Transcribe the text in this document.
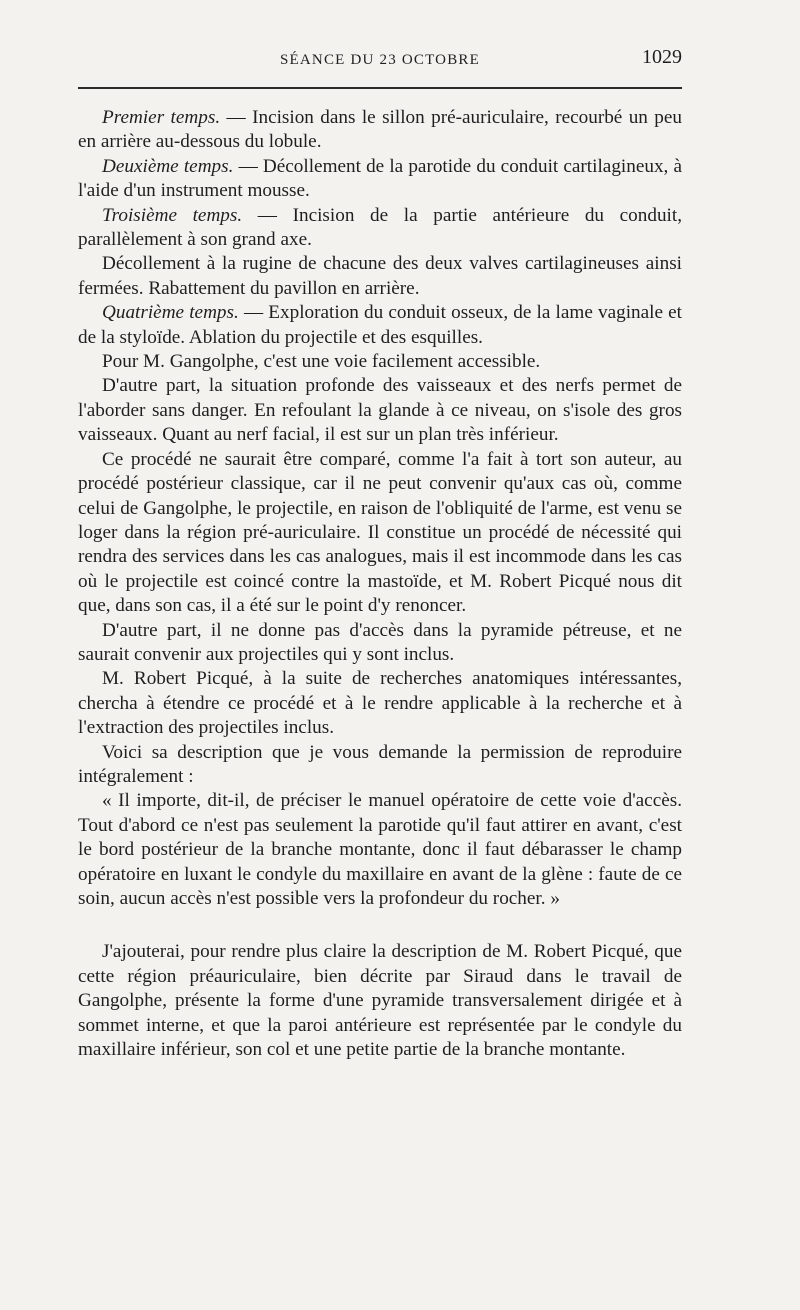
SÉANCE DU 23 OCTOBRE	1029

Premier temps. — Incision dans le sillon pré-auriculaire, recourbé un peu en arrière au-dessous du lobule.

Deuxième temps. — Décollement de la parotide du conduit cartilagineux, à l'aide d'un instrument mousse.

Troisième temps. — Incision de la partie antérieure du conduit, parallèlement à son grand axe.

Décollement à la rugine de chacune des deux valves cartilagineuses ainsi fermées. Rabattement du pavillon en arrière.

Quatrième temps. — Exploration du conduit osseux, de la lame vaginale et de la styloïde. Ablation du projectile et des esquilles.

Pour M. Gangolphe, c'est une voie facilement accessible.

D'autre part, la situation profonde des vaisseaux et des nerfs permet de l'aborder sans danger. En refoulant la glande à ce niveau, on s'isole des gros vaisseaux. Quant au nerf facial, il est sur un plan très inférieur.

Ce procédé ne saurait être comparé, comme l'a fait à tort son auteur, au procédé postérieur classique, car il ne peut convenir qu'aux cas où, comme celui de Gangolphe, le projectile, en raison de l'obliquité de l'arme, est venu se loger dans la région pré-auriculaire. Il constitue un procédé de nécessité qui rendra des services dans les cas analogues, mais il est incommode dans les cas où le projectile est coincé contre la mastoïde, et M. Robert Picqué nous dit que, dans son cas, il a été sur le point d'y renoncer.

D'autre part, il ne donne pas d'accès dans la pyramide pétreuse, et ne saurait convenir aux projectiles qui y sont inclus.

M. Robert Picqué, à la suite de recherches anatomiques intéressantes, chercha à étendre ce procédé et à le rendre applicable à la recherche et à l'extraction des projectiles inclus.

Voici sa description que je vous demande la permission de reproduire intégralement :

« Il importe, dit-il, de préciser le manuel opératoire de cette voie d'accès. Tout d'abord ce n'est pas seulement la parotide qu'il faut attirer en avant, c'est le bord postérieur de la branche montante, donc il faut débarasser le champ opératoire en luxant le condyle du maxillaire en avant de la glène : faute de ce soin, aucun accès n'est possible vers la profondeur du rocher. »

J'ajouterai, pour rendre plus claire la description de M. Robert Picqué, que cette région préauriculaire, bien décrite par Siraud dans le travail de Gangolphe, présente la forme d'une pyramide transversalement dirigée et à sommet interne, et que la paroi antérieure est représentée par le condyle du maxillaire inférieur, son col et une petite partie de la branche montante.
